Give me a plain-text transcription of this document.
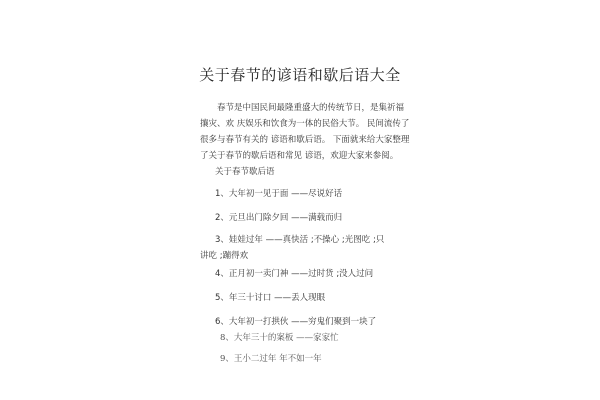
关于春节的谚语和歇后语大全

春节是中国民间最隆重盛大的传统节日，是集祈福攘灾、欢 庆娱乐和饮食为一体的民俗大节。 民间流传了很多与春节有关的 谚语和歇后语。 下面就来给大家整理了关于春节的歇后语和常见 谚语，欢迎大家来参阅。

关于春节歇后语
1、大年初一见于面 ——尽说好话
2、元旦出门除夕回 ——满载而归
3、娃娃过年 ——真快活 ;不操心 ;光图吃 ;只讲吃 ;蹦得欢
4、正月初一卖门神 ——过时货 ;没人过问
5、年三十讨口 ——丢人现眼
6、大年初一打拱伙 ——穷鬼们聚到一块了
8、大年三十的案板 ——家家忙
9、王小二过年 年不如一年
